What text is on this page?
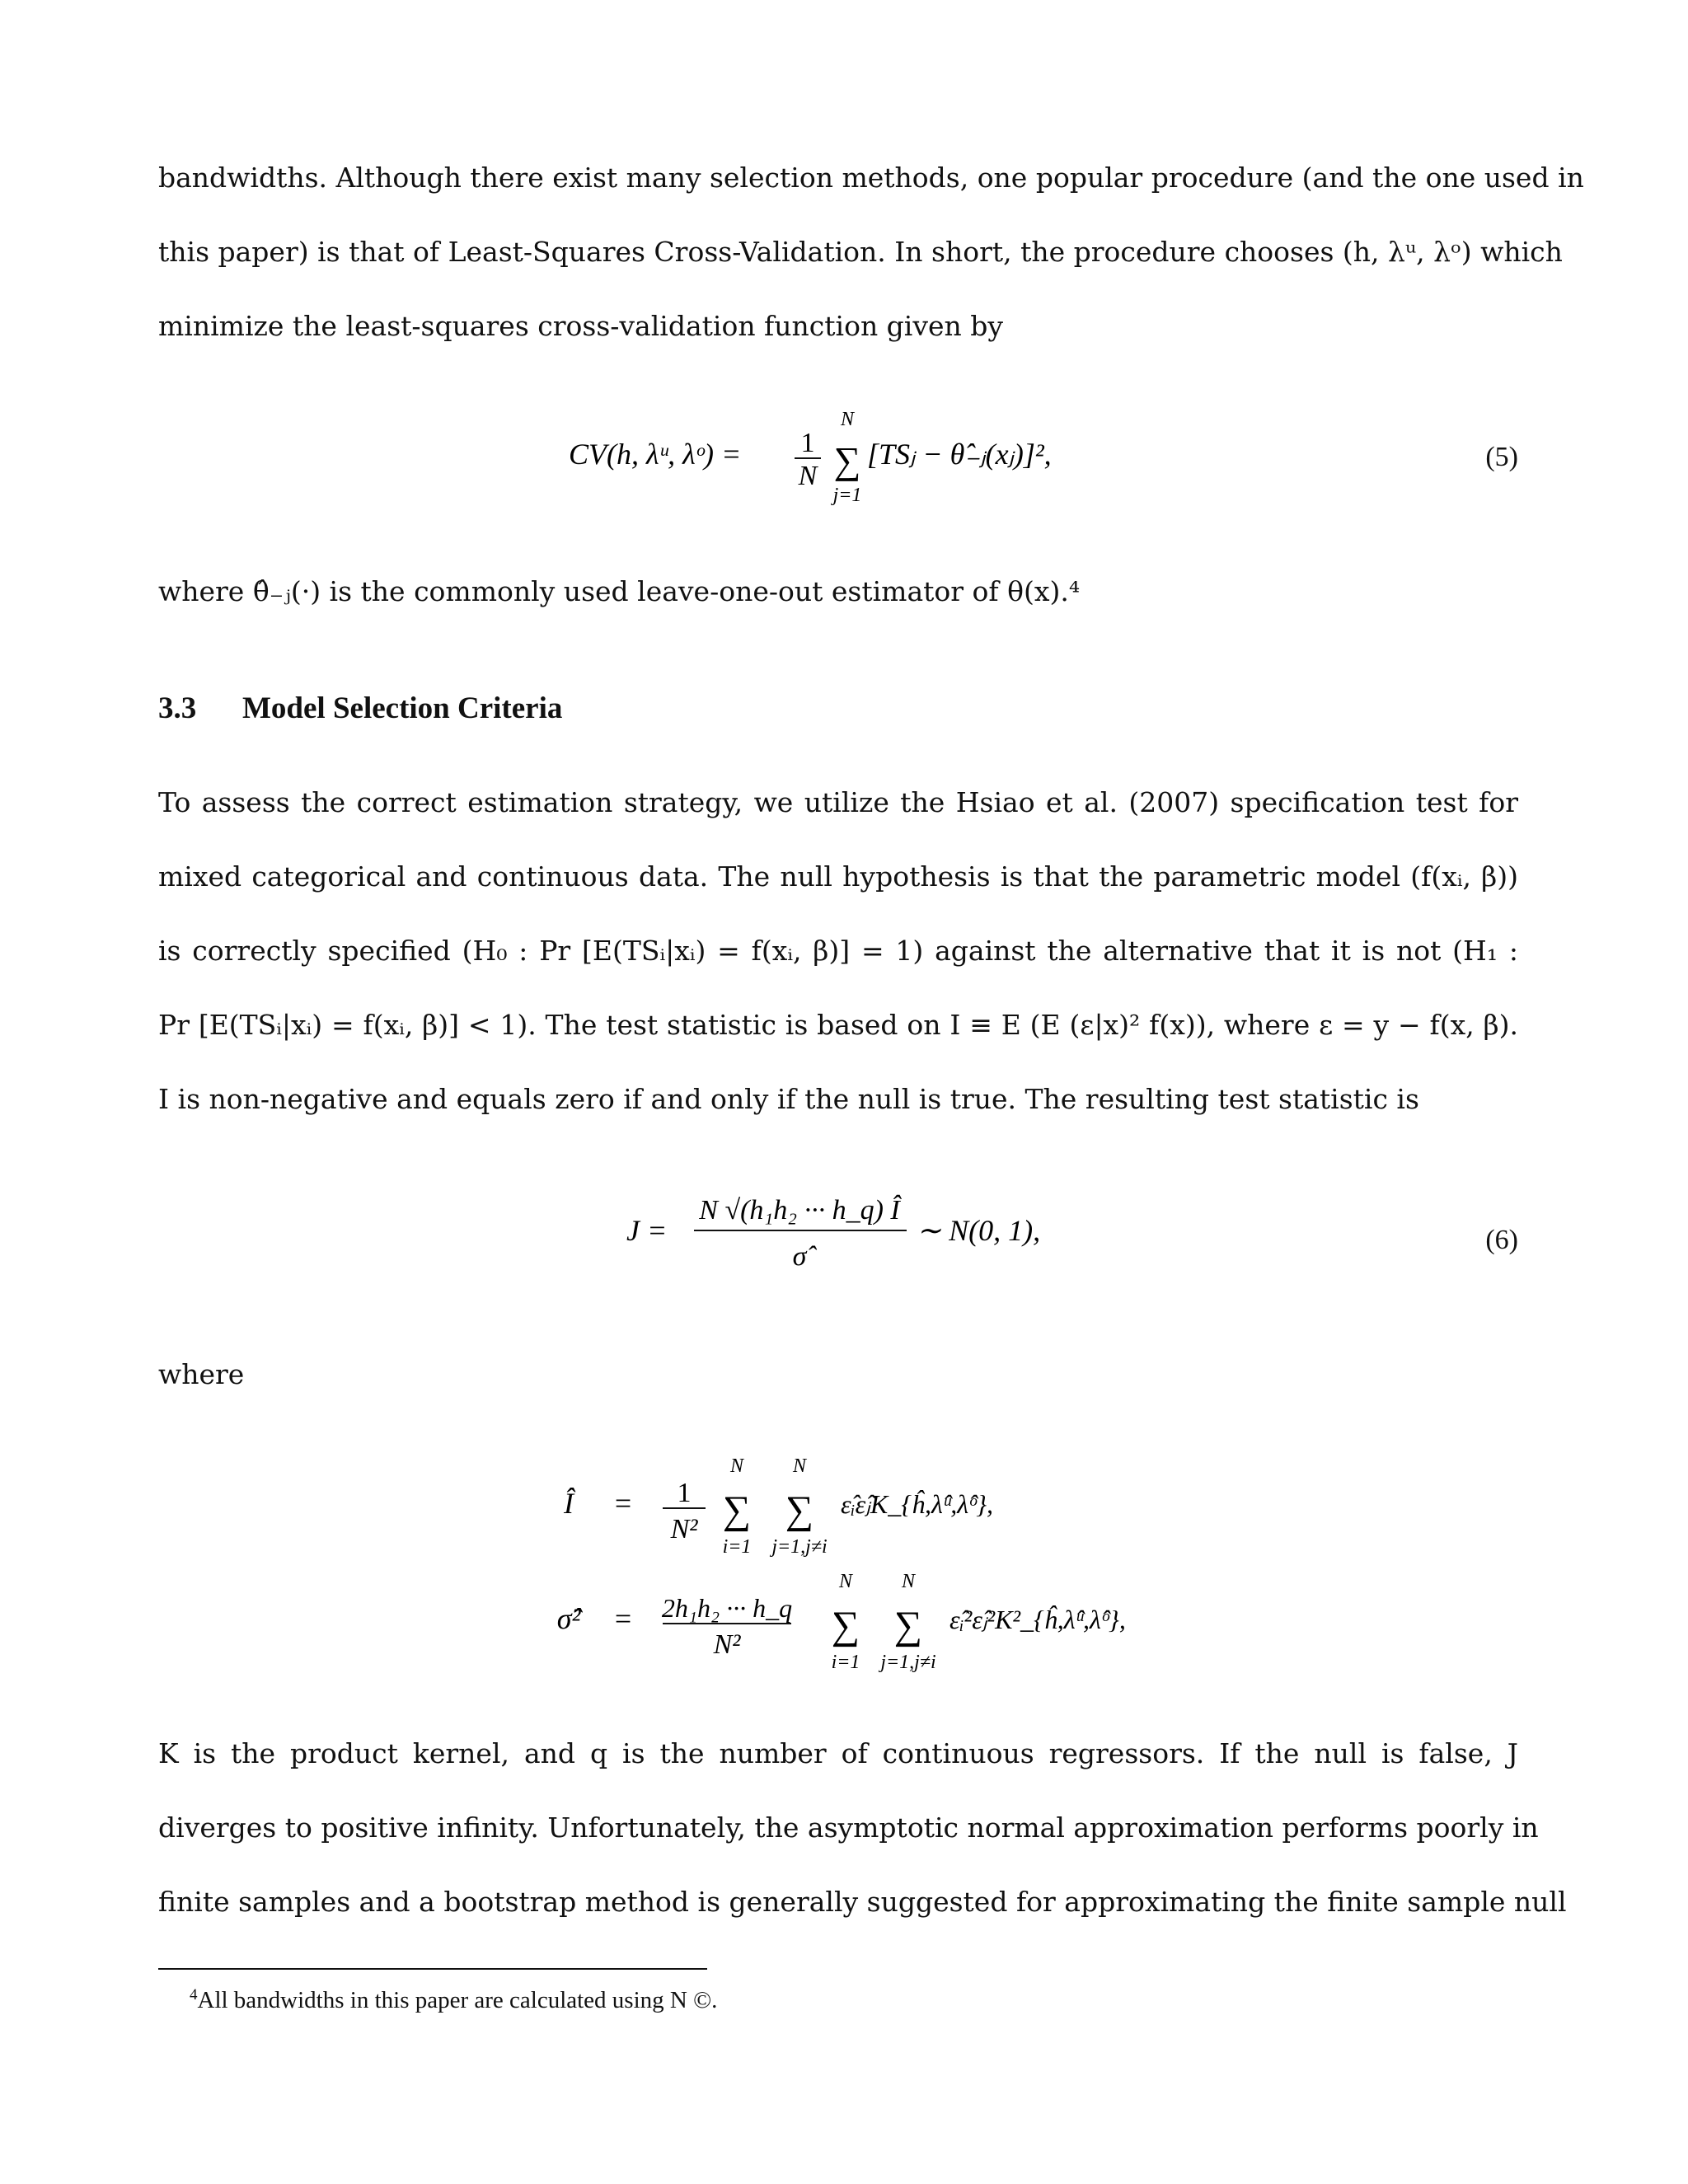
bandwidths. Although there exist many selection methods, one popular procedure (and the one used in
this paper) is that of Least-Squares Cross-Validation. In short, the procedure chooses (h, λᵘ, λᵒ) which
minimize the least-squares cross-validation function given by
CV(h, λᵘ, λᵒ) = 1
N
N
∑
j=1
[TSⱼ − θ̂₋ⱼ(xⱼ)]²,	(5)
where θ̂₋ⱼ(·) is the commonly used leave-one-out estimator of θ(x).⁴
3.3 Model Selection Criteria
To assess the correct estimation strategy, we utilize the Hsiao et al. (2007) specification test for
mixed categorical and continuous data. The null hypothesis is that the parametric model (f(xᵢ, β))
is correctly specified (H₀ : Pr [E(TSᵢ|xᵢ) = f(xᵢ, β)] = 1) against the alternative that it is not (H₁ :
Pr [E(TSᵢ|xᵢ) = f(xᵢ, β)] < 1). The test statistic is based on I ≡ E (E (ε|x)² f(x)), where ε = y − f(x, β).
I is non-negative and equals zero if and only if the null is true. The resulting test statistic is
J =
N √(h₁h₂ ··· h_q) Î
σ̂
∼ N(0, 1),	(6)
where
Î = 1
N²
N
∑
i=1
N
∑
j=1,j≠i
ε̂ᵢε̂ⱼK_{ĥ,λ̂ᵘ,λ̂ᵒ},
σ̂² = 2h₁h₂ ··· h_q
N²
N
∑
i=1
N
∑
j=1,j≠i
ε̂ᵢ²ε̂ⱼ²K²_{ĥ,λ̂ᵘ,λ̂ᵒ},
K is the product kernel, and q is the number of continuous regressors. If the null is false, J
diverges to positive infinity. Unfortunately, the asymptotic normal approximation performs poorly in
finite samples and a bootstrap method is generally suggested for approximating the finite sample null
$^4$All bandwidths in this paper are calculated using N ©.
